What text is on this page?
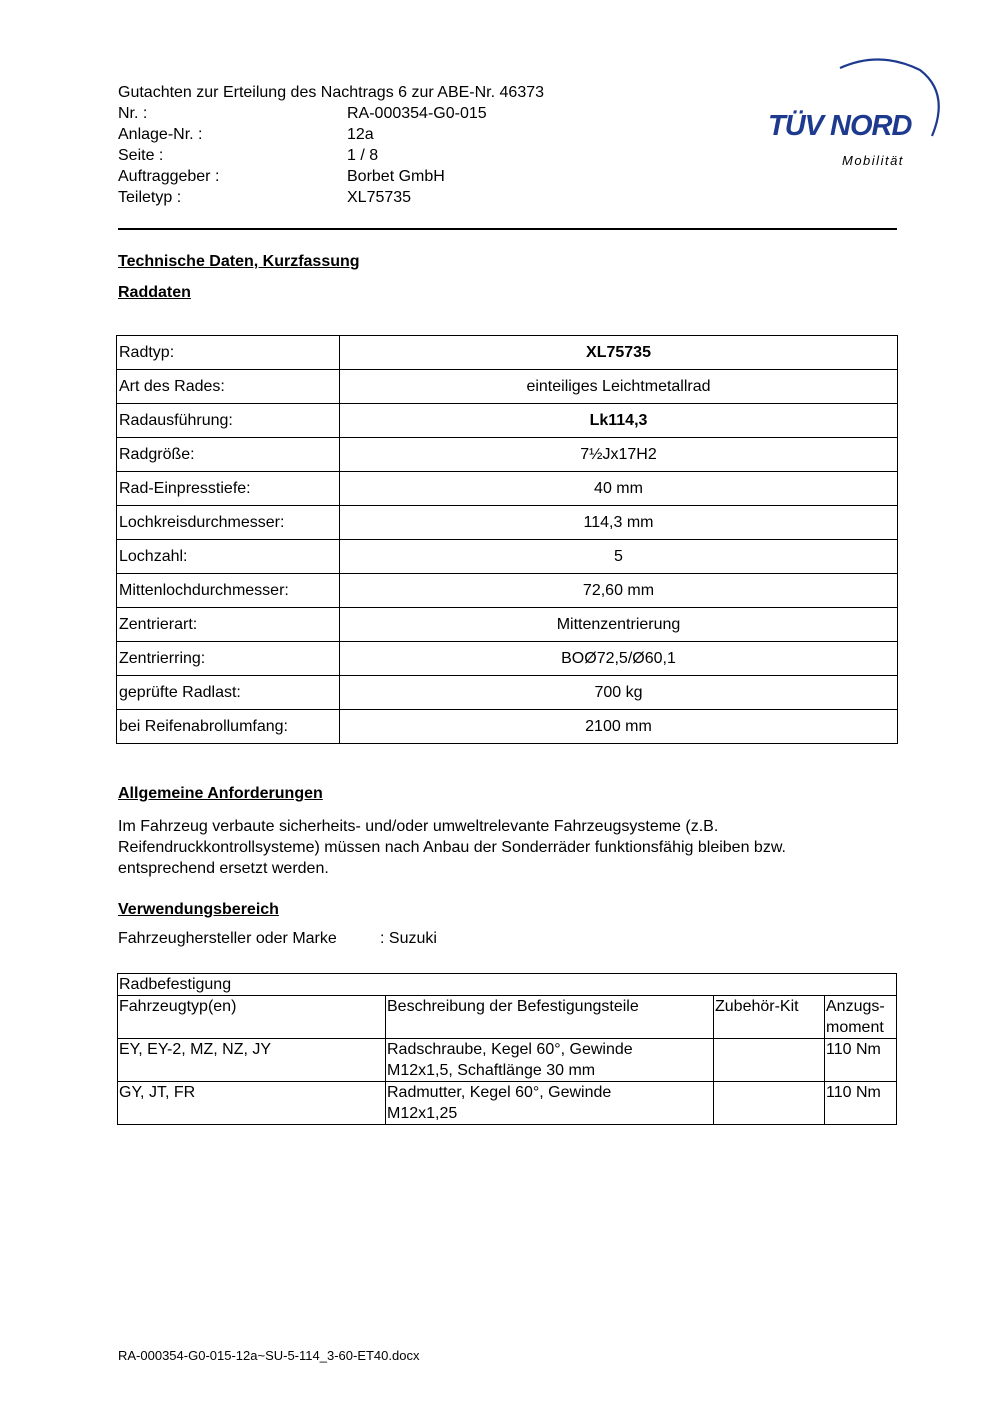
Gutachten zur Erteilung des Nachtrags 6 zur ABE-Nr. 46373
Nr. :	RA-000354-G0-015
Anlage-Nr. :	12a
Seite :	1 / 8
Auftraggeber :	Borbet GmbH
Teiletyp :	XL75735
TÜV NORD
Mobilität
Technische Daten, Kurzfassung
Raddaten
Radtyp:	XL75735
Art des Rades:	einteiliges Leichtmetallrad
Radausführung:	Lk114,3
Radgröße:	7½Jx17H2
Rad-Einpresstiefe:	40 mm
Lochkreisdurchmesser:	114,3 mm
Lochzahl:	5
Mittenlochdurchmesser:	72,60 mm
Zentrierart:	Mittenzentrierung
Zentrierring:	BOØ72,5/Ø60,1
geprüfte Radlast:	700 kg
bei Reifenabrollumfang:	2100 mm
Allgemeine Anforderungen
Im Fahrzeug verbaute sicherheits- und/oder umweltrelevante Fahrzeugsysteme (z.B.
Reifendruckkontrollsysteme) müssen nach Anbau der Sonderräder funktionsfähig bleiben bzw.
entsprechend ersetzt werden.
Verwendungsbereich
Fahrzeughersteller oder Marke	: Suzuki
Radbefestigung			
Fahrzeugtyp(en)	Beschreibung der Befestigungsteile	Zubehör-Kit	Anzugs-
moment

EY, EY-2, MZ, NZ, JY	Radschraube, Kegel 60°, Gewinde
M12x1,5, Schaftlänge 30 mm		110 Nm
GY, JT, FR	Radmutter, Kegel 60°, Gewinde
M12x1,25		110 Nm
RA-000354-G0-015-12a~SU-5-114_3-60-ET40.docx
